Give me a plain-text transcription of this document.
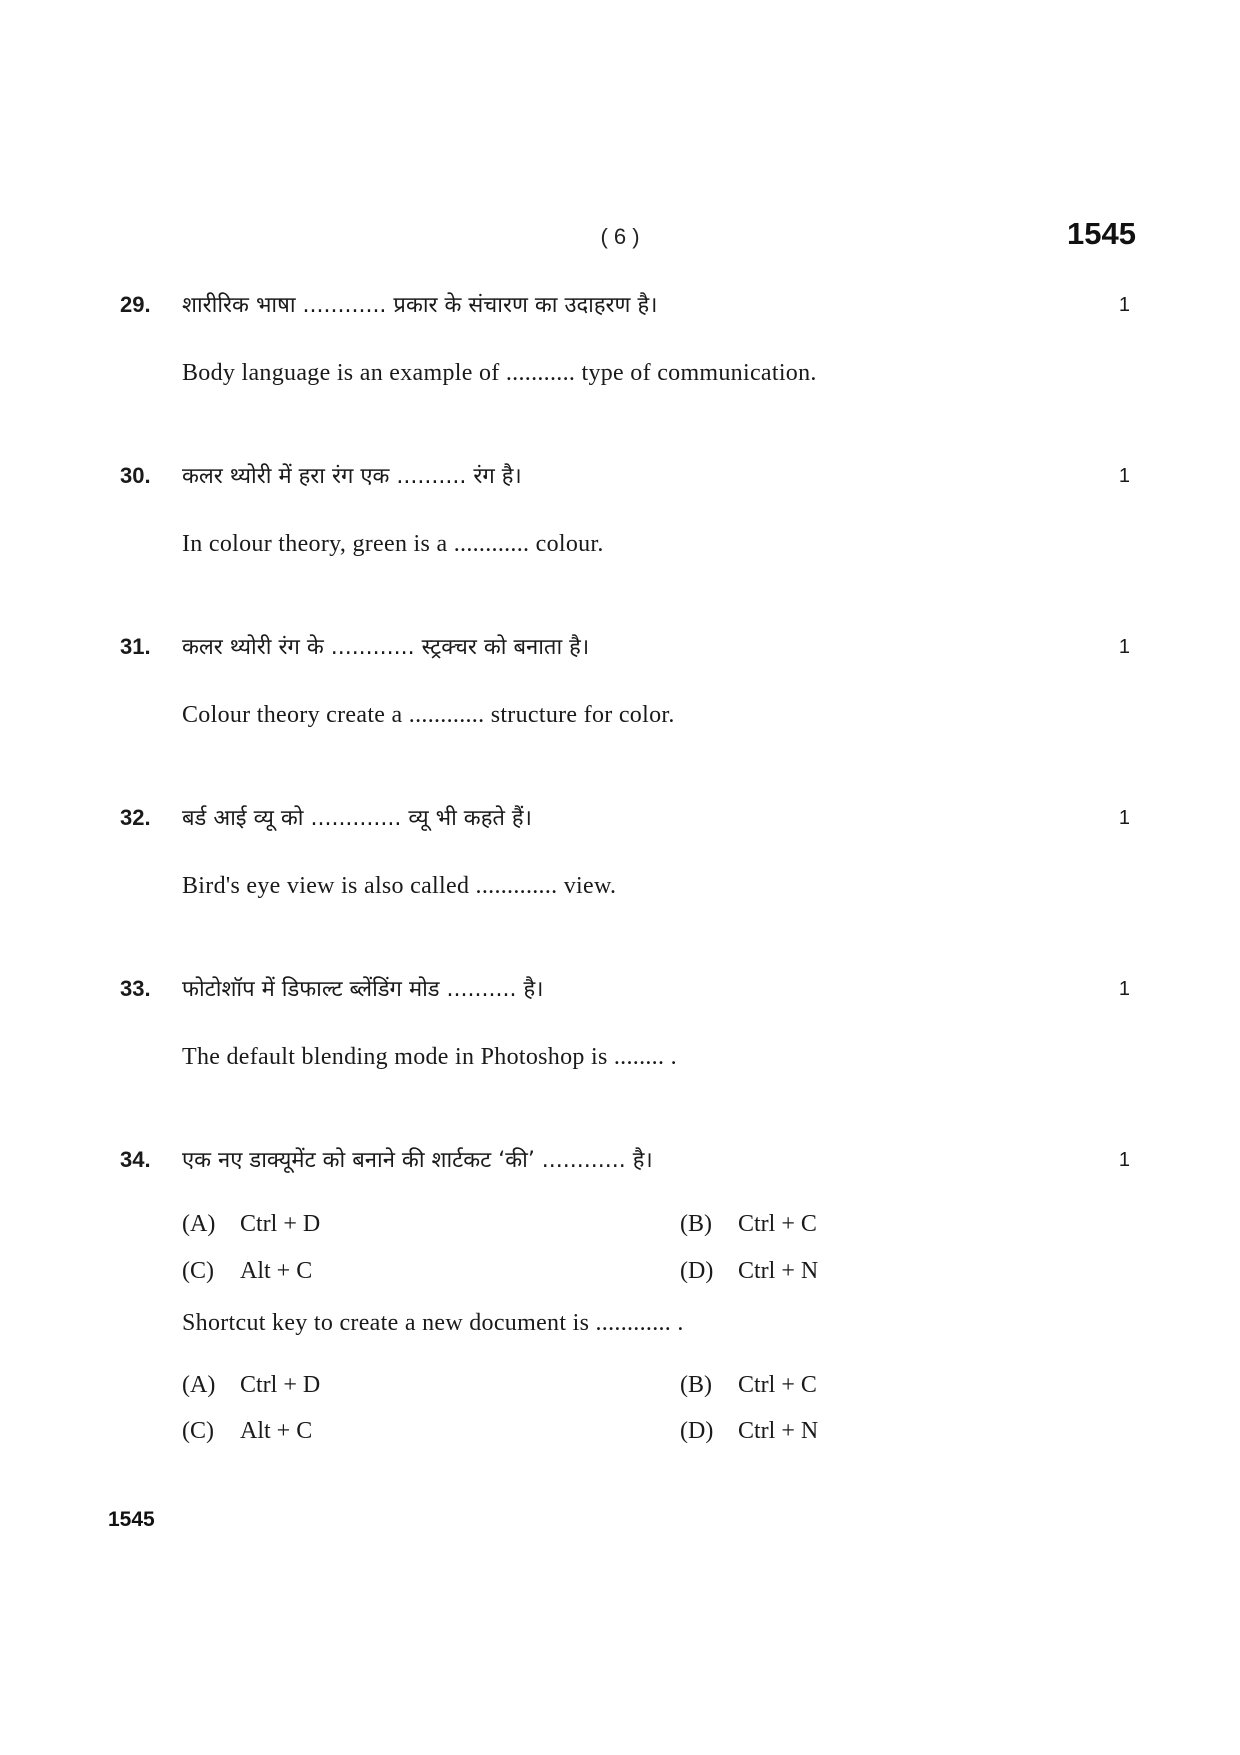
( 6 )	1545
29. शारीरिक भाषा ............ प्रकार के संचारण का उदाहरण है।	1
Body language is an example of ........... type of communication.
30. कलर थ्योरी में हरा रंग एक .......... रंग है।	1
In colour theory, green is a ............ colour.
31. कलर थ्योरी रंग के ............ स्ट्रक्चर को बनाता है।	1
Colour theory create a ............ structure for color.
32. बर्ड आई व्यू को ............. व्यू भी कहते हैं।	1
Bird's eye view is also called ............. view.
33. फोटोशॉप में डिफाल्ट ब्लेंडिंग मोड .......... है।	1
The default blending mode in Photoshop is ........ .
34. एक नए डाक्यूमेंट को बनाने की शार्टकट ‘की’ ............ है।	1
(A) Ctrl + D	(B) Ctrl + C
(C) Alt + C	(D) Ctrl + N
Shortcut key to create a new document is ............ .
(A) Ctrl + D	(B) Ctrl + C
(C) Alt + C	(D) Ctrl + N
1545
